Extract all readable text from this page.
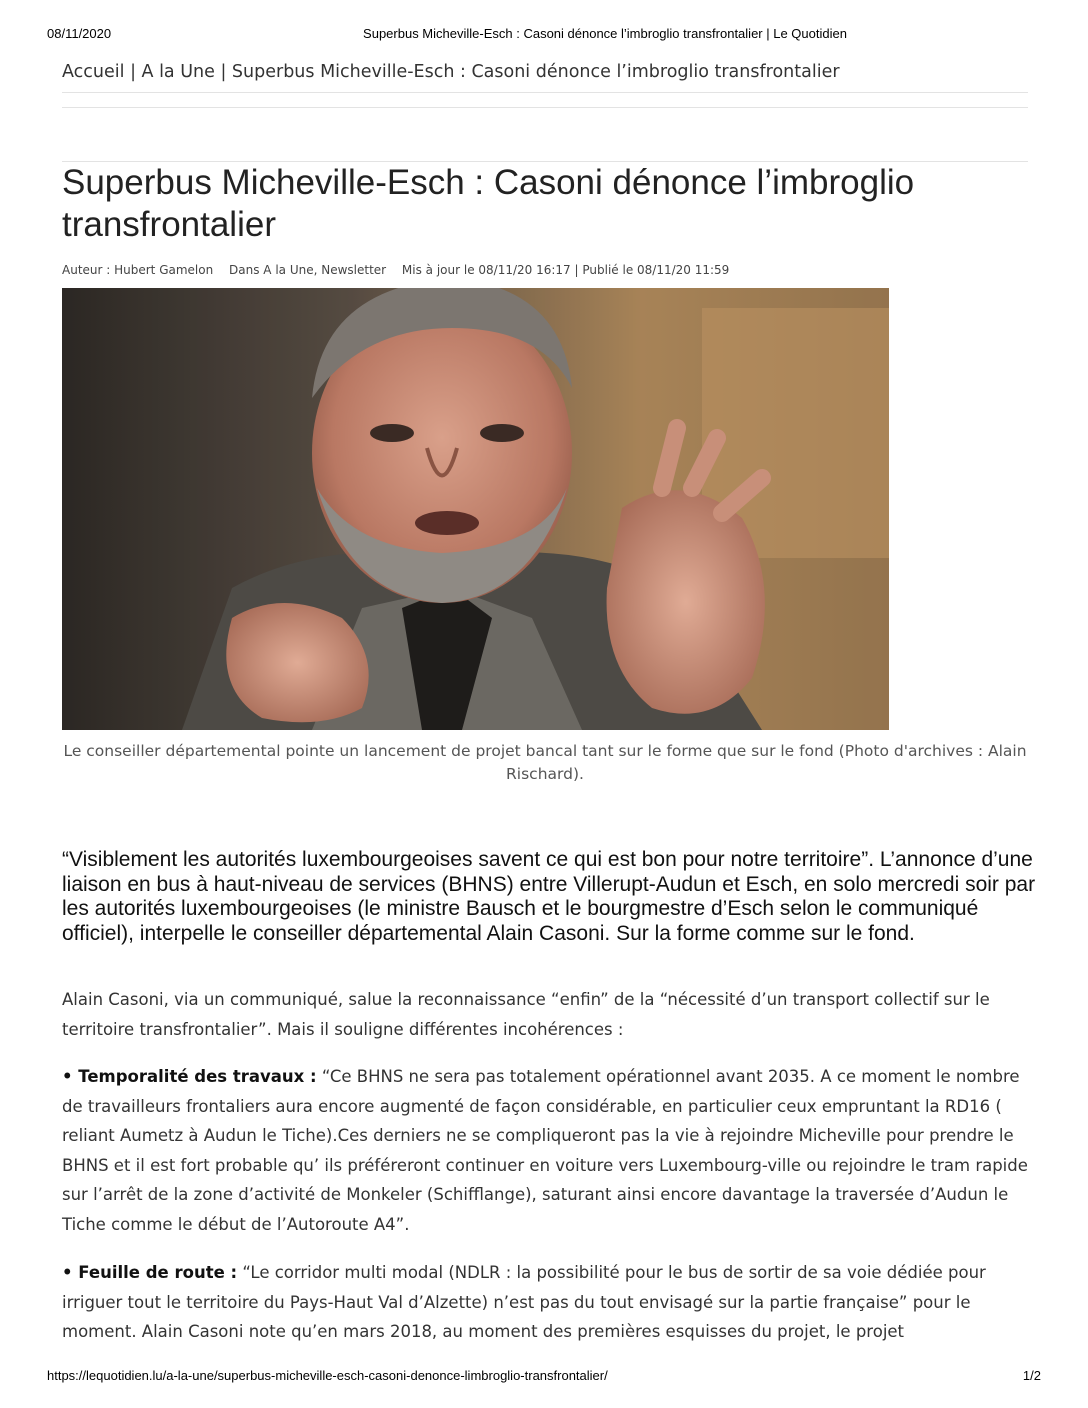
08/11/2020	Superbus Micheville-Esch : Casoni dénonce l’imbroglio transfrontalier | Le Quotidien
Accueil | A la Une | Superbus Micheville-Esch : Casoni dénonce l’imbroglio transfrontalier
Superbus Micheville-Esch : Casoni dénonce l’imbroglio transfrontalier
Auteur : Hubert Gamelon Dans A la Une, Newsletter Mis à jour le 08/11/20 16:17 | Publié le 08/11/20 11:59
Le conseiller départemental pointe un lancement de projet bancal tant sur le forme que sur le fond (Photo d'archives : Alain Rischard).

“Visiblement les autorités luxembourgeoises savent ce qui est bon pour notre territoire”. L’annonce d’une liaison en bus à haut-niveau de services (BHNS) entre Villerupt-Audun et Esch, en solo mercredi soir par les autorités luxembourgeoises (le ministre Bausch et le bourgmestre d’Esch selon le communiqué officiel), interpelle le conseiller départemental Alain Casoni. Sur la forme comme sur le fond.

Alain Casoni, via un communiqué, salue la reconnaissance “enfin” de la “nécessité d’un transport collectif sur le territoire transfrontalier”. Mais il souligne différentes incohérences :

• Temporalité des travaux : “Ce BHNS ne sera pas totalement opérationnel avant 2035. A ce moment le nombre de travailleurs frontaliers aura encore augmenté de façon considérable, en particulier ceux empruntant la RD16 ( reliant Aumetz à Audun le Tiche).Ces derniers ne se compliqueront pas la vie à rejoindre Micheville pour prendre le BHNS et il est fort probable qu’ ils préféreront continuer en voiture vers Luxembourg-ville ou rejoindre le tram rapide sur l’arrêt de la zone d’activité de Monkeler (Schifflange), saturant ainsi encore davantage la traversée d’Audun le Tiche comme le début de l’Autoroute A4”.

• Feuille de route : “Le corridor multi modal (NDLR : la possibilité pour le bus de sortir de sa voie dédiée pour irriguer tout le territoire du Pays-Haut Val d’Alzette) n’est pas du tout envisagé sur la partie française” pour le moment. Alain Casoni note qu’en mars 2018, au moment des premières esquisses du projet, le projet

https://lequotidien.lu/a-la-une/superbus-micheville-esch-casoni-denonce-limbroglio-transfrontalier/	1/2
